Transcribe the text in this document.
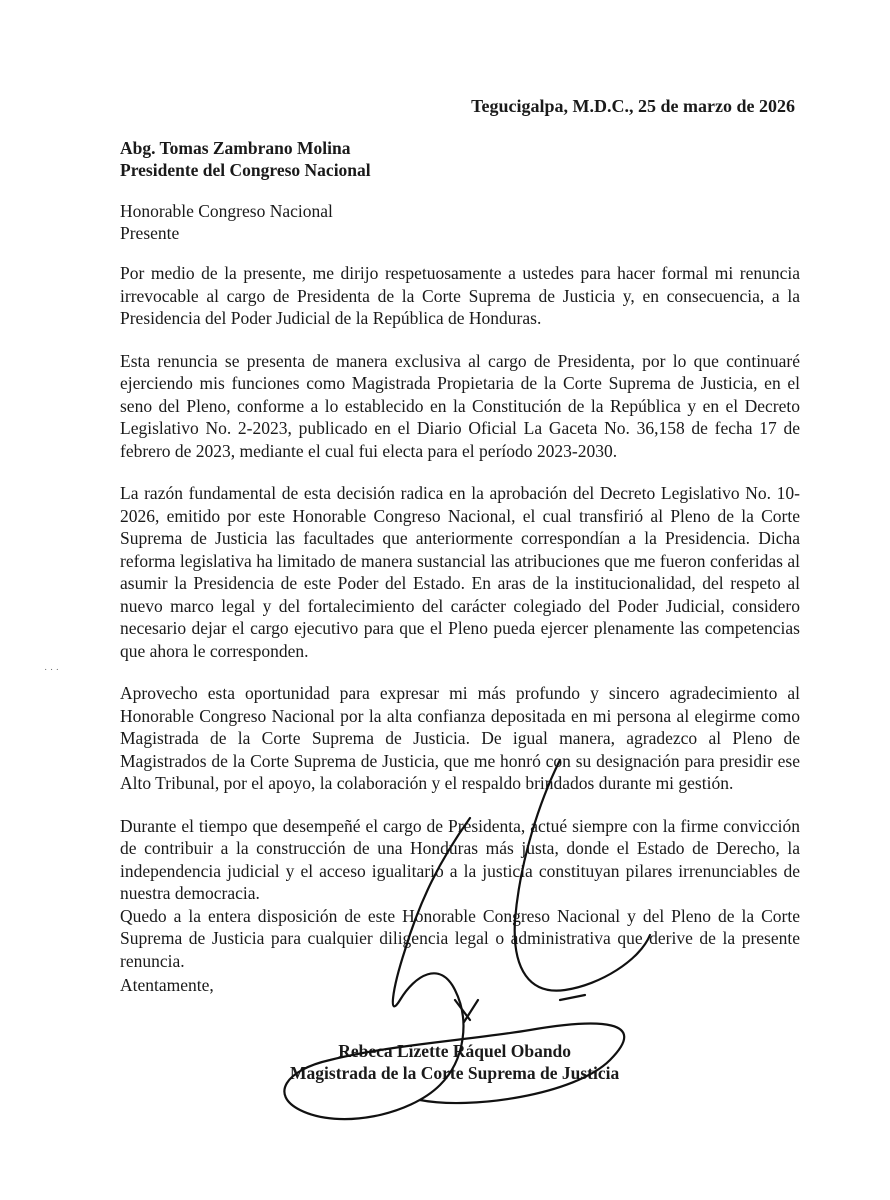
˙ ˙ ˙
Tegucigalpa, M.D.C., 25 de marzo de 2026
Abg. Tomas Zambrano Molina
Presidente del Congreso Nacional
Honorable Congreso Nacional
Presente

Por medio de la presente, me dirijo respetuosamente a ustedes para hacer formal mi renuncia irrevocable al cargo de Presidenta de la Corte Suprema de Justicia y, en consecuencia, a la Presidencia del Poder Judicial de la República de Honduras.

Esta renuncia se presenta de manera exclusiva al cargo de Presidenta, por lo que continuaré ejerciendo mis funciones como Magistrada Propietaria de la Corte Suprema de Justicia, en el seno del Pleno, conforme a lo establecido en la Constitución de la República y en el Decreto Legislativo No. 2-2023, publicado en el Diario Oficial La Gaceta No. 36,158 de fecha 17 de febrero de 2023, mediante el cual fui electa para el período 2023-2030.

La razón fundamental de esta decisión radica en la aprobación del Decreto Legislativo No. 10-2026, emitido por este Honorable Congreso Nacional, el cual transfirió al Pleno de la Corte Suprema de Justicia las facultades que anteriormente correspondían a la Presidencia. Dicha reforma legislativa ha limitado de manera sustancial las atribuciones que me fueron conferidas al asumir la Presidencia de este Poder del Estado. En aras de la institucionalidad, del respeto al nuevo marco legal y del fortalecimiento del carácter colegiado del Poder Judicial, considero necesario dejar el cargo ejecutivo para que el Pleno pueda ejercer plenamente las competencias que ahora le corresponden.

Aprovecho esta oportunidad para expresar mi más profundo y sincero agradecimiento al Honorable Congreso Nacional por la alta confianza depositada en mi persona al elegirme como Magistrada de la Corte Suprema de Justicia. De igual manera, agradezco al Pleno de Magistrados de la Corte Suprema de Justicia, que me honró con su designación para presidir ese Alto Tribunal, por el apoyo, la colaboración y el respaldo brindados durante mi gestión.

Durante el tiempo que desempeñé el cargo de Presidenta, actué siempre con la firme convicción de contribuir a la construcción de una Honduras más justa, donde el Estado de Derecho, la independencia judicial y el acceso igualitario a la justicia constituyan pilares irrenunciables de nuestra democracia.

Quedo a la entera disposición de este Honorable Congreso Nacional y del Pleno de la Corte Suprema de Justicia para cualquier diligencia legal o administrativa que derive de la presente renuncia.

Atentamente,
Rebeca Lizette Ráquel Obando
Magistrada de la Corte Suprema de Justicia
